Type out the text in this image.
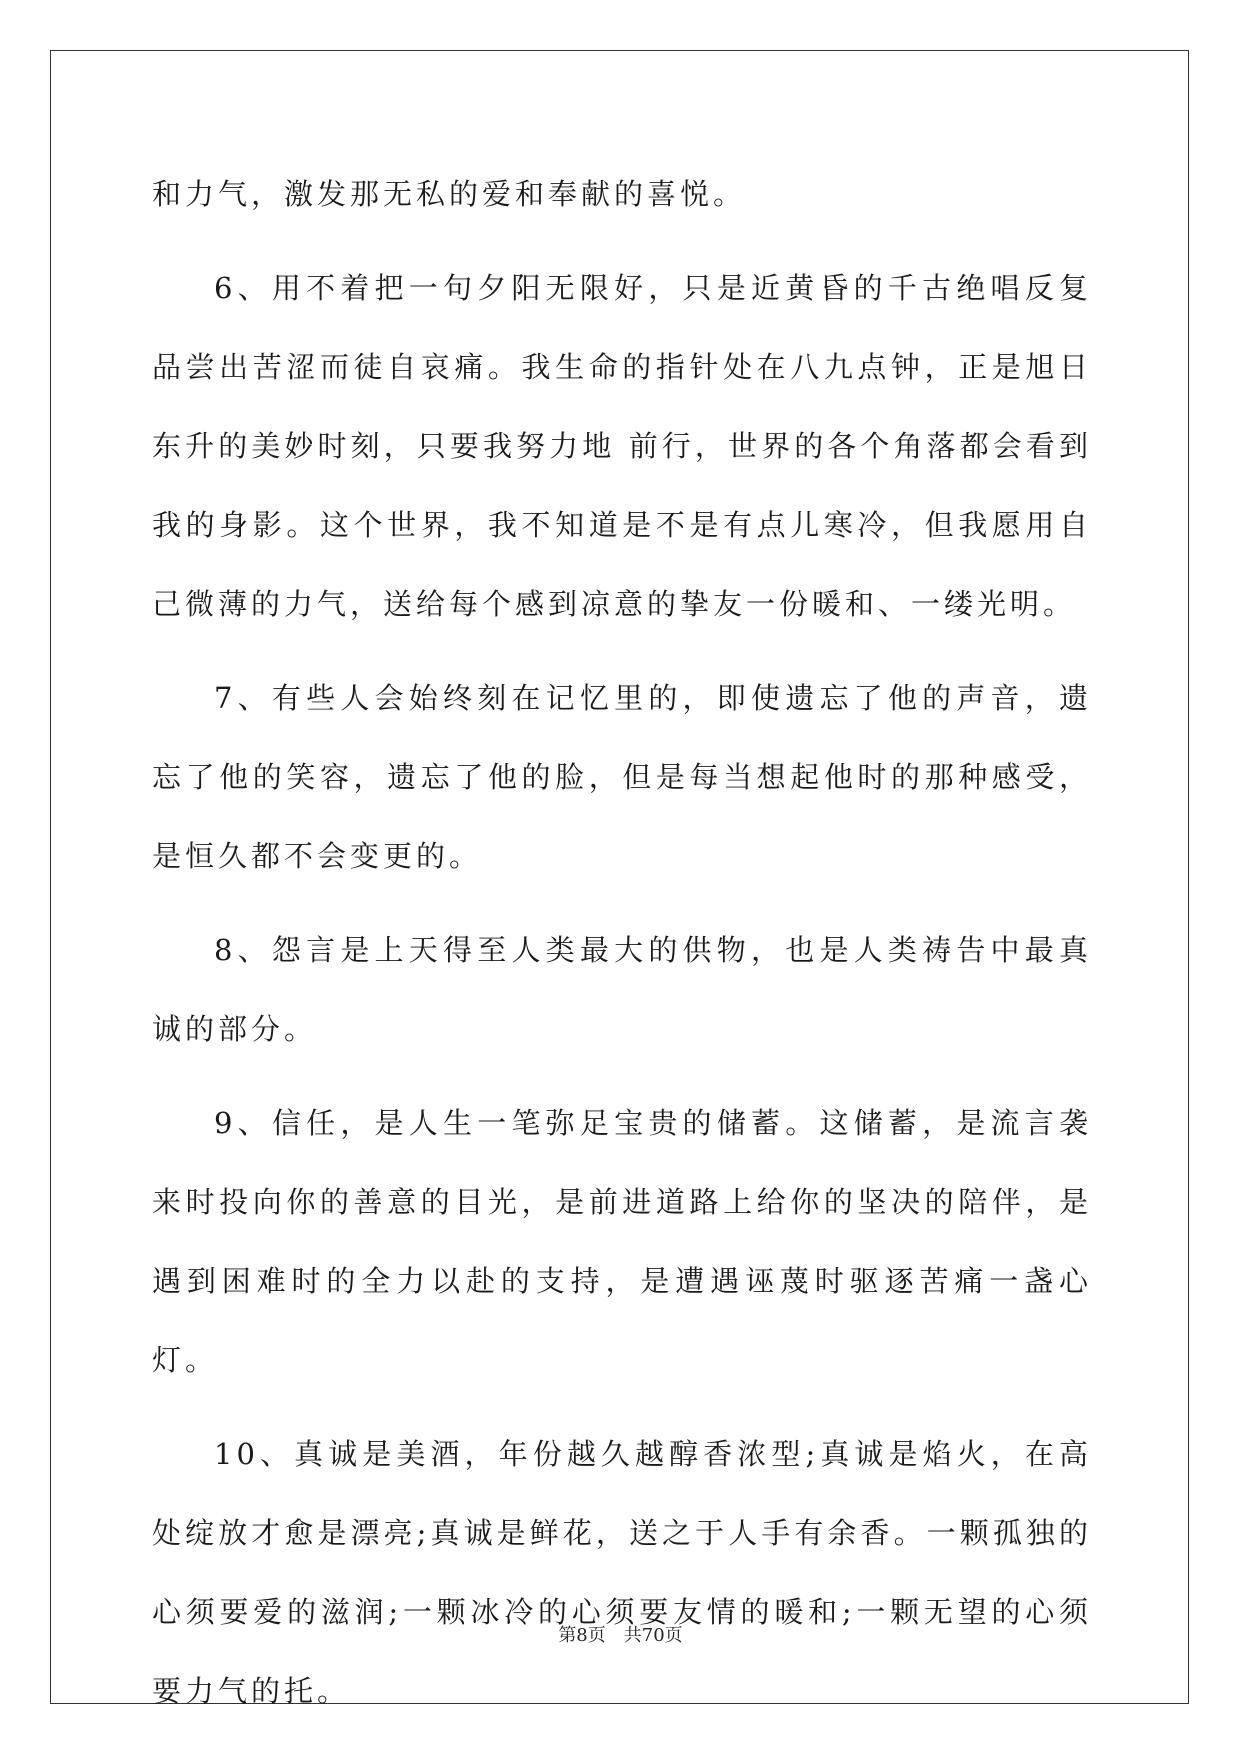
和力气，激发那无私的爱和奉献的喜悦。

6、用不着把一句夕阳无限好，只是近黄昏的千古绝唱反复品尝出苦涩而徒自哀痛。我生命的指针处在八九点钟，正是旭日东升的美妙时刻，只要我努力地 前行，世界的各个角落都会看到我的身影。这个世界，我不知道是不是有点儿寒冷，但我愿用自己微薄的力气，送给每个感到凉意的挚友一份暖和、一缕光明。

7、有些人会始终刻在记忆里的，即使遗忘了他的声音，遗忘了他的笑容，遗忘了他的脸，但是每当想起他时的那种感受，是恒久都不会变更的。

8、怨言是上天得至人类最大的供物，也是人类祷告中最真诚的部分。

9、信任，是人生一笔弥足宝贵的储蓄。这储蓄，是流言袭来时投向你的善意的目光，是前进道路上给你的坚决的陪伴，是遇到困难时的全力以赴的支持，是遭遇诬蔑时驱逐苦痛一盏心灯。

10、真诚是美酒，年份越久越醇香浓型;真诚是焰火，在高处绽放才愈是漂亮;真诚是鲜花，送之于人手有余香。一颗孤独的心须要爱的滋润;一颗冰冷的心须要友情的暖和;一颗无望的心须要力气的托。

第8页 共70页
